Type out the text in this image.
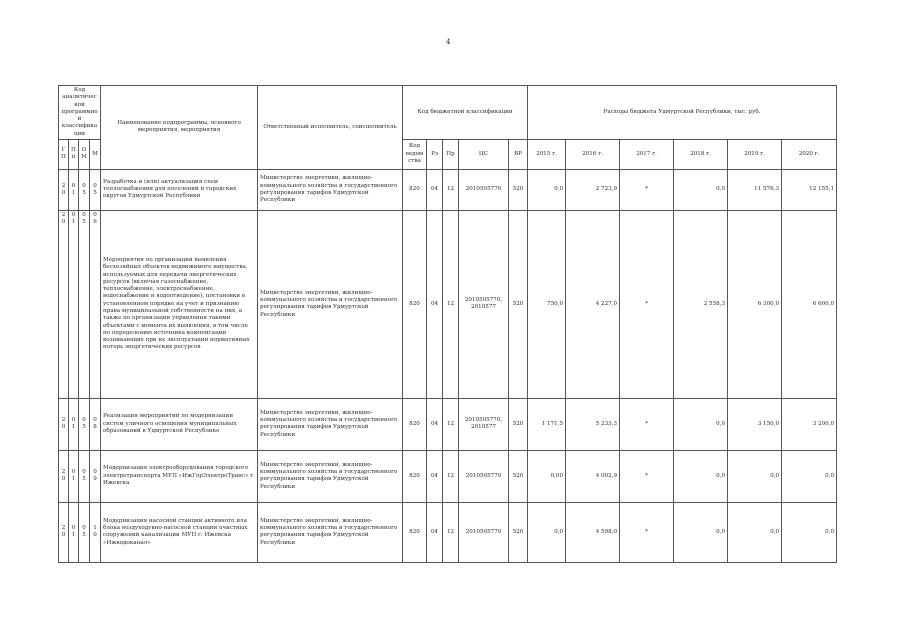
4
Код аналитической программной классификации				Наименование подпрограммы, основного мероприятия, мероприятия	Ответственный исполнитель, соисполнитель	Код бюджетной классификации					Расходы бюджета Удмуртской Республики, тыс. руб.					
ГП	Пп	ОМ	М			Код ведомства	Рз	Пр	ЦС	ВР	2015 г.	2016 г.	2017 г.	2018 г.	2019 г.	2020 г.
20	01	05	05	Разработка и (или) актуализация схем теплоснабжения для поселений и городских округов Удмуртской Республики	Министерство энергетики, жилищно-коммунального хозяйства и государственного регулирования тарифов Удмуртской Республики	820	04	12	2010505770	520	0,0	2 723,9	*	0,0	11 576,3	12 155,1
20	01	05	06	Мероприятия по организации выявления бесхозяйных объектов недвижимого имущества, используемых для передачи энергетических ресурсов (включая газоснабжение, теплоснабжение, электроснабжение, водоснабжение и водоотведение), постановки в установленном порядке на учет и признанию права муниципальной собственности на них, а также по организации управления такими объектами с момента их выявления, в том числе по определению источника компенсации возникающих при их эксплуатации нормативных потерь энергетических ресурсов	Министерство энергетики, жилищно-коммунального хозяйства и государственного регулирования тарифов Удмуртской Республики	820	04	12	2010505770, 2010577	520	750,0	4 227,0	*	2 558,3	6 300,0	6 600,0
20	01	05	08	Реализация мероприятий по модернизации систем уличного освещения муниципальных образований в Удмуртской Республике	Министерство энергетики, жилищно-коммунального хозяйства и государственного регулирования тарифов Удмуртской Республики	820	04	12	2010505770, 2010577	520	1 171,5	5 233,3	*	0,0	3 150,0	3 200,0
20	01	05	09	Модернизация электрооборудования городского электротранспорта МУП «ИжГорЭлектроТранс» г. Ижевска	Министерство энергетики, жилищно-коммунального хозяйства и государственного регулирования тарифов Удмуртской Республики	820	04	12	2010505770	520	0,00	4 002,9	*	0,0	0,0	0,0
20	01	05	10	Модернизация насосной станции активного ила блока воздуходувно-насосной станции очистных сооружений канализации МУП г. Ижевска «Ижводоканал»	Министерство энергетики, жилищно-коммунального хозяйства и государственного регулирования тарифов Удмуртской Республики	820	04	12	2010505770	520	0,0	4 598,0	*	0,0	0,0	0,0
